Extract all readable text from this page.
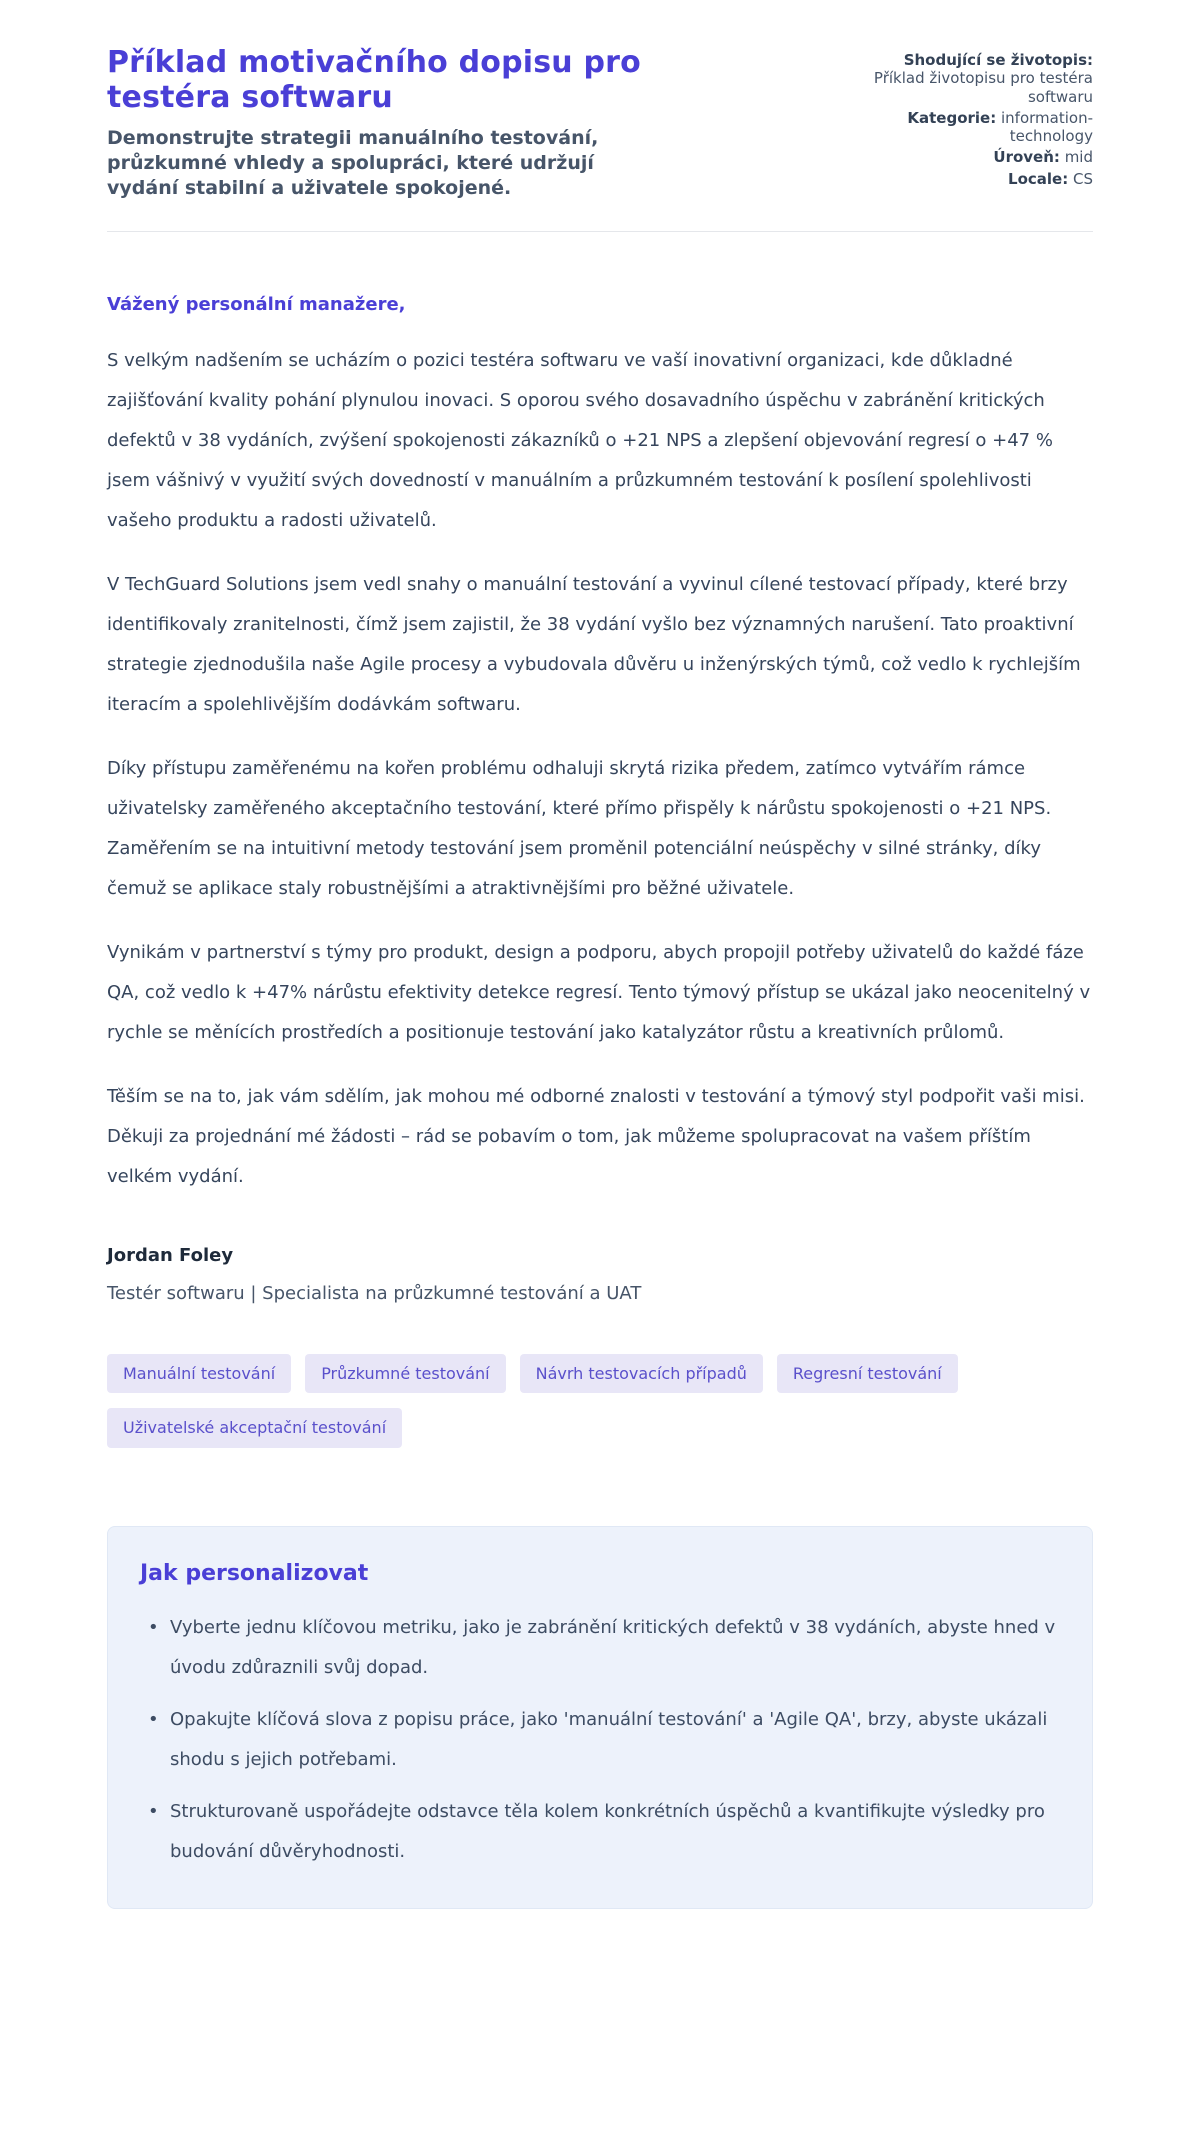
Příklad motivačního dopisu pro testéra softwaru

Demonstrujte strategii manuálního testování, průzkumné vhledy a spolupráci, které udržují vydání stabilní a uživatele spokojené.

Shodující se životopis: Příklad životopisu pro testéra softwaru
Kategorie: information-technology
Úroveň: mid
Locale: CS

Vážený personální manažere,

S velkým nadšením se ucházím o pozici testéra softwaru ve vaší inovativní organizaci, kde důkladné zajišťování kvality pohání plynulou inovaci. S oporou svého dosavadního úspěchu v zabránění kritických defektů v 38 vydáních, zvýšení spokojenosti zákazníků o +21 NPS a zlepšení objevování regresí o +47 % jsem vášnivý v využití svých dovedností v manuálním a průzkumném testování k posílení spolehlivosti vašeho produktu a radosti uživatelů.

V TechGuard Solutions jsem vedl snahy o manuální testování a vyvinul cílené testovací případy, které brzy identifikovaly zranitelnosti, čímž jsem zajistil, že 38 vydání vyšlo bez významných narušení. Tato proaktivní strategie zjednodušila naše Agile procesy a vybudovala důvěru u inženýrských týmů, což vedlo k rychlejším iteracím a spolehlivějším dodávkám softwaru.

Díky přístupu zaměřenému na kořen problému odhaluji skrytá rizika předem, zatímco vytvářím rámce uživatelsky zaměřeného akceptačního testování, které přímo přispěly k nárůstu spokojenosti o +21 NPS. Zaměřením se na intuitivní metody testování jsem proměnil potenciální neúspěchy v silné stránky, díky čemuž se aplikace staly robustnějšími a atraktivnějšími pro běžné uživatele.

Vynikám v partnerství s týmy pro produkt, design a podporu, abych propojil potřeby uživatelů do každé fáze QA, což vedlo k +47% nárůstu efektivity detekce regresí. Tento týmový přístup se ukázal jako neocenitelný v rychle se měnících prostředích a positionuje testování jako katalyzátor růstu a kreativních průlomů.

Těším se na to, jak vám sdělím, jak mohou mé odborné znalosti v testování a týmový styl podpořit vaši misi. Děkuji za projednání mé žádosti – rád se pobavím o tom, jak můžeme spolupracovat na vašem příštím velkém vydání.

Jordan Foley

Testér softwaru | Specialista na průzkumné testování a UAT

Manuální testování	Průzkumné testování	Návrh testovacích případů	Regresní testování
Uživatelské akceptační testování
Jak personalizovat
• Vyberte jednu klíčovou metriku, jako je zabránění kritických defektů v 38 vydáních, abyste hned v úvodu zdůraznili svůj dopad.
• Opakujte klíčová slova z popisu práce, jako 'manuální testování' a 'Agile QA', brzy, abyste ukázali shodu s jejich potřebami.
• Strukturovaně uspořádejte odstavce těla kolem konkrétních úspěchů a kvantifikujte výsledky pro budování důvěryhodnosti.
